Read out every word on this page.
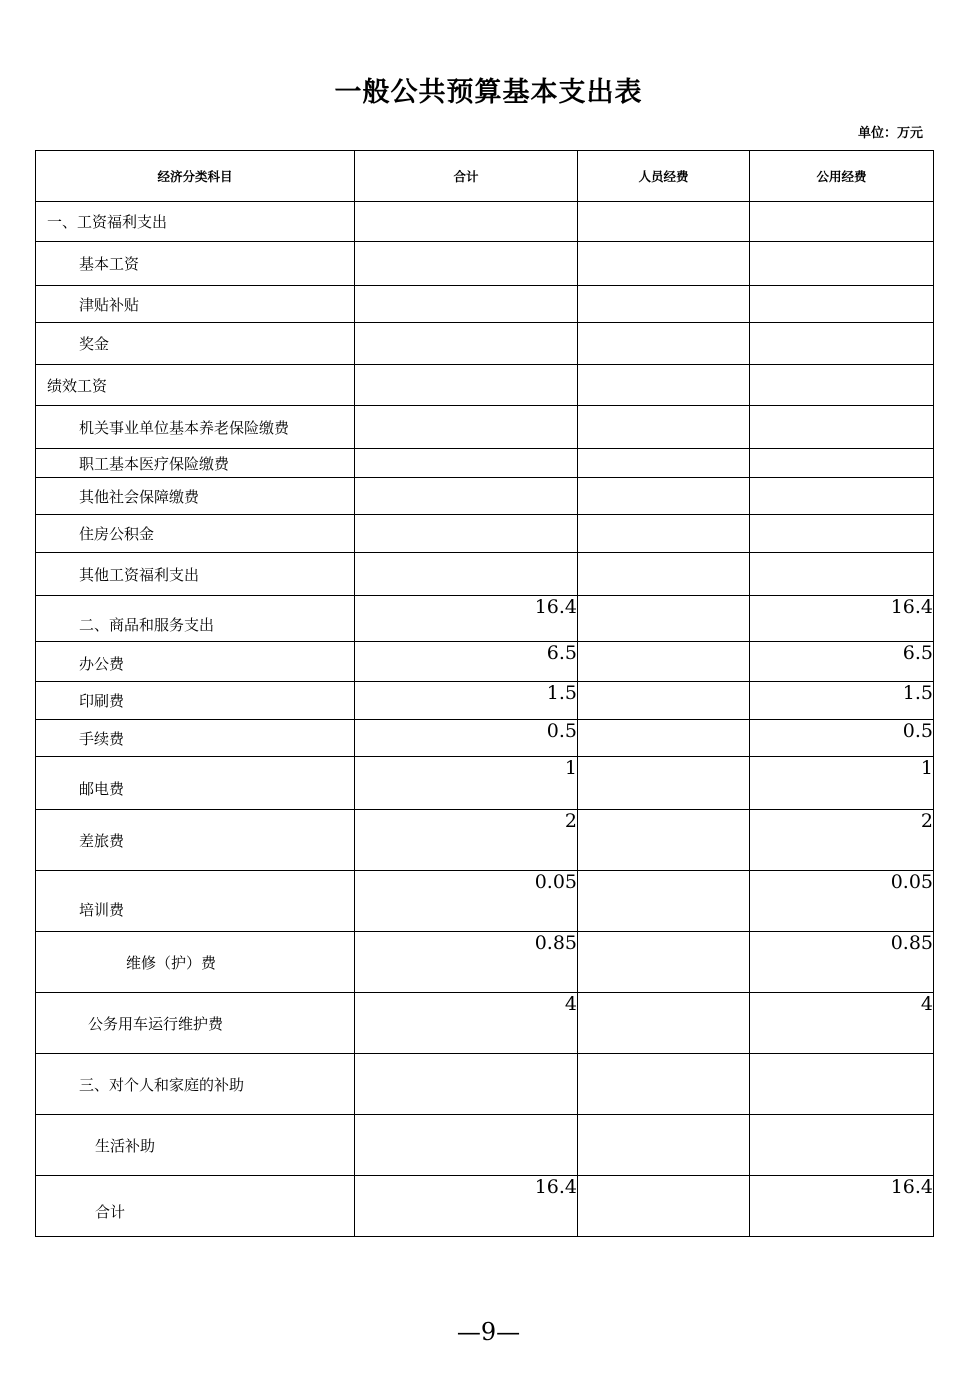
一般公共预算基本支出表
单位：万元
经济分类科目	合计	人员经费	公用经费
一、工资福利支出			
基本工资			
津贴补贴			
奖金			
绩效工资			
机关事业单位基本养老保险缴费			
职工基本医疗保险缴费			
其他社会保障缴费			
住房公积金			
其他工资福利支出			
二、商品和服务支出	16.4		16.4
办公费	6.5		6.5
印刷费	1.5		1.5
手续费	0.5		0.5
邮电费	1		1
差旅费	2		2
培训费	0.05		0.05
维修（护）费	0.85		0.85
公务用车运行维护费	4		4
三、对个人和家庭的补助			
生活补助			
合计	16.4		16.4
—9—
